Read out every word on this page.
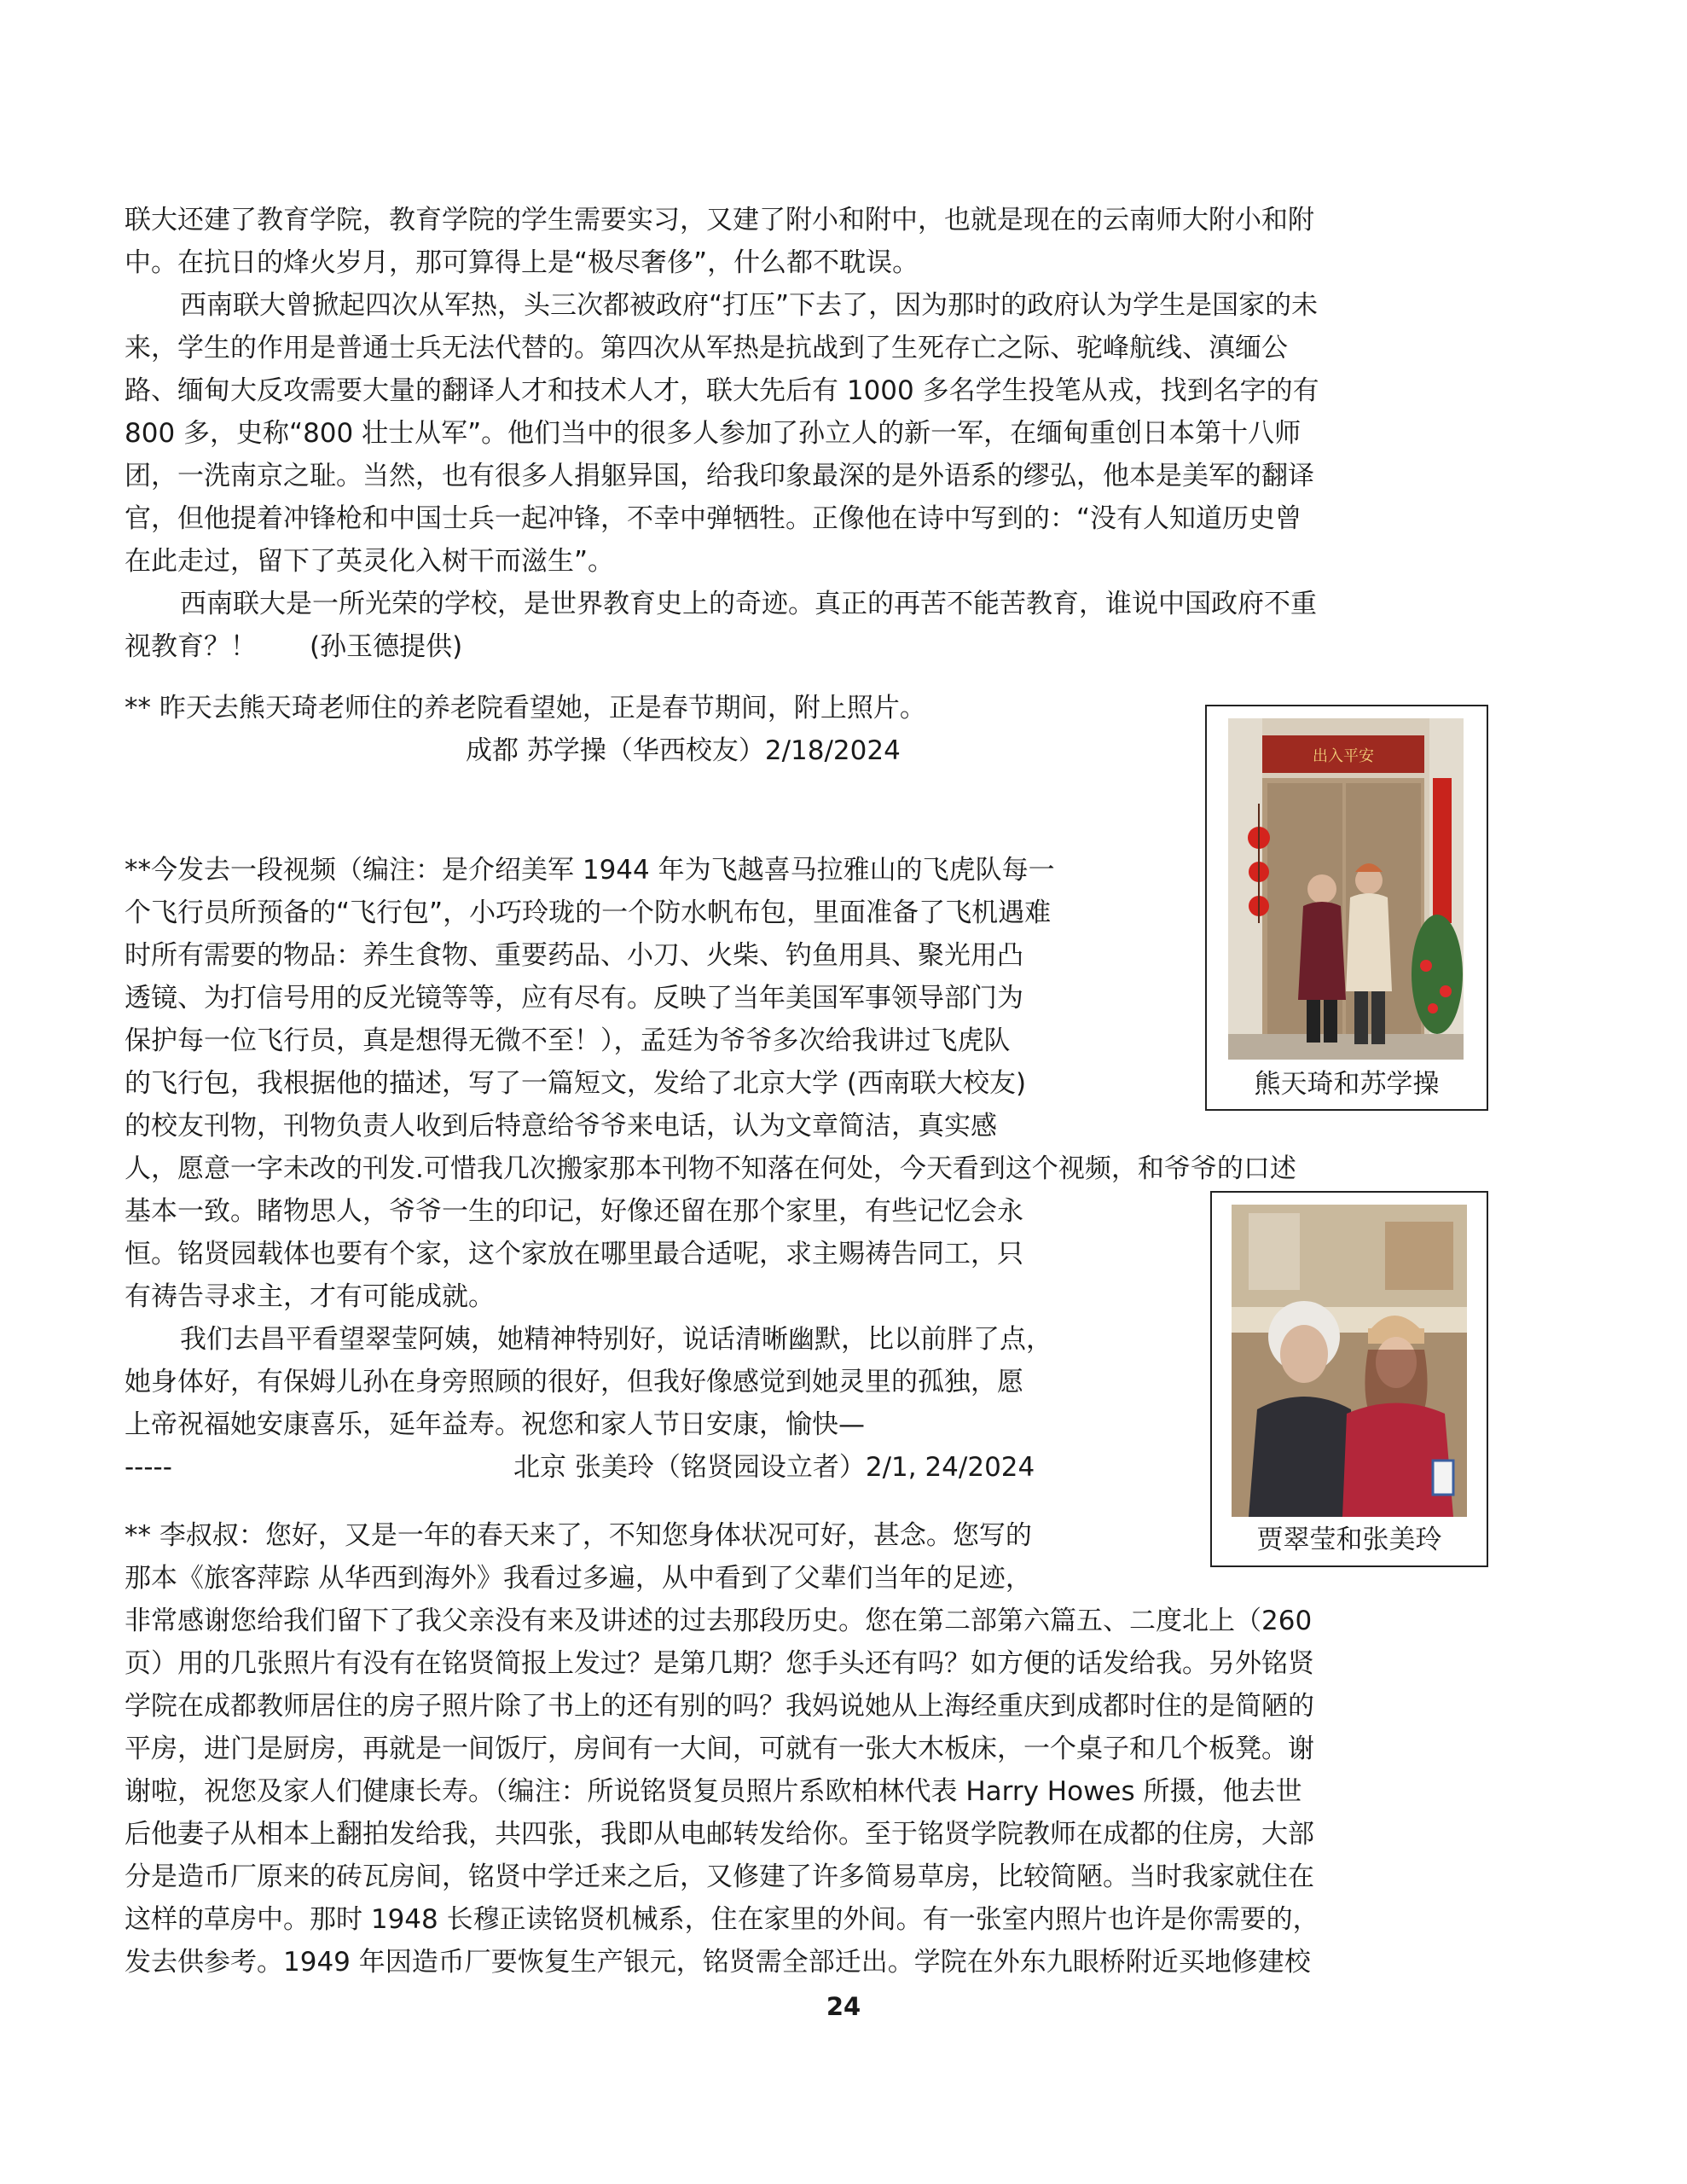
联大还建了教育学院，教育学院的学生需要实习，又建了附小和附中，也就是现在的云南师大附小和附
中。在抗日的烽火岁月，那可算得上是“极尽奢侈”，什么都不耽误。
西南联大曾掀起四次从军热，头三次都被政府“打压”下去了，因为那时的政府认为学生是国家的未
来，学生的作用是普通士兵无法代替的。第四次从军热是抗战到了生死存亡之际、驼峰航线、滇缅公
路、缅甸大反攻需要大量的翻译人才和技术人才，联大先后有 1000 多名学生投笔从戎，找到名字的有
800 多，史称“800 壮士从军”。他们当中的很多人参加了孙立人的新一军，在缅甸重创日本第十八师
团，一洗南京之耻。当然，也有很多人捐躯异国，给我印象最深的是外语系的缪弘，他本是美军的翻译
官，但他提着冲锋枪和中国士兵一起冲锋，不幸中弹牺牲。正像他在诗中写到的：“没有人知道历史曾
在此走过，留下了英灵化入树干而滋生”。
西南联大是一所光荣的学校，是世界教育史上的奇迹。真正的再苦不能苦教育，谁说中国政府不重
视教育？！　　(孙玉德提供)
** 昨天去熊天琦老师住的养老院看望她，正是春节期间，附上照片。
成都 苏学操（华西校友）2/18/2024
**今发去一段视频（编注：是介绍美军 1944 年为飞越喜马拉雅山的飞虎队每一
个飞行员所预备的“飞行包”，小巧玲珑的一个防水帆布包，里面准备了飞机遇难
时所有需要的物品：养生食物、重要药品、小刀、火柴、钓鱼用具、聚光用凸
透镜、为打信号用的反光镜等等，应有尽有。反映了当年美国军事领导部门为
保护每一位飞行员，真是想得无微不至！），孟廷为爷爷多次给我讲过飞虎队
的飞行包，我根据他的描述，写了一篇短文，发给了北京大学 (西南联大校友)
的校友刊物，刊物负责人收到后特意给爷爷来电话，认为文章简洁，真实感
人，愿意一字未改的刊发.可惜我几次搬家那本刊物不知落在何处，今天看到这个视频，和爷爷的口述
基本一致。睹物思人，爷爷一生的印记，好像还留在那个家里，有些记忆会永
恒。铭贤园载体也要有个家，这个家放在哪里最合适呢，求主赐祷告同工，只
有祷告寻求主，才有可能成就。
我们去昌平看望翠莹阿姨，她精神特别好，说话清晰幽默，比以前胖了点，
她身体好，有保姆儿孙在身旁照顾的很好，但我好像感觉到她灵里的孤独，愿
上帝祝福她安康喜乐，延年益寿。祝您和家人节日安康，愉快—
-----	北京 张美玲（铭贤园设立者）2/1, 24/2024
** 李叔叔：您好，又是一年的春天来了，不知您身体状况可好，甚念。您写的
那本《旅客萍踪 从华西到海外》我看过多遍，从中看到了父辈们当年的足迹，
非常感谢您给我们留下了我父亲没有来及讲述的过去那段历史。您在第二部第六篇五、二度北上（260
页）用的几张照片有没有在铭贤简报上发过？是第几期？您手头还有吗？如方便的话发给我。另外铭贤
学院在成都教师居住的房子照片除了书上的还有别的吗？我妈说她从上海经重庆到成都时住的是简陋的
平房，进门是厨房，再就是一间饭厅，房间有一大间，可就有一张大木板床，一个桌子和几个板凳。谢
谢啦，祝您及家人们健康长寿。（编注：所说铭贤复员照片系欧柏林代表 Harry Howes 所摄，他去世
后他妻子从相本上翻拍发给我，共四张，我即从电邮转发给你。至于铭贤学院教师在成都的住房，大部
分是造币厂原来的砖瓦房间，铭贤中学迁来之后，又修建了许多简易草房，比较简陋。当时我家就住在
这样的草房中。那时 1948 长穆正读铭贤机械系，住在家里的外间。有一张室内照片也许是你需要的，
发去供参考。1949 年因造币厂要恢复生产银元，铭贤需全部迁出。学院在外东九眼桥附近买地修建校
出入平安
熊天琦和苏学操
贾翠莹和张美玲
24
